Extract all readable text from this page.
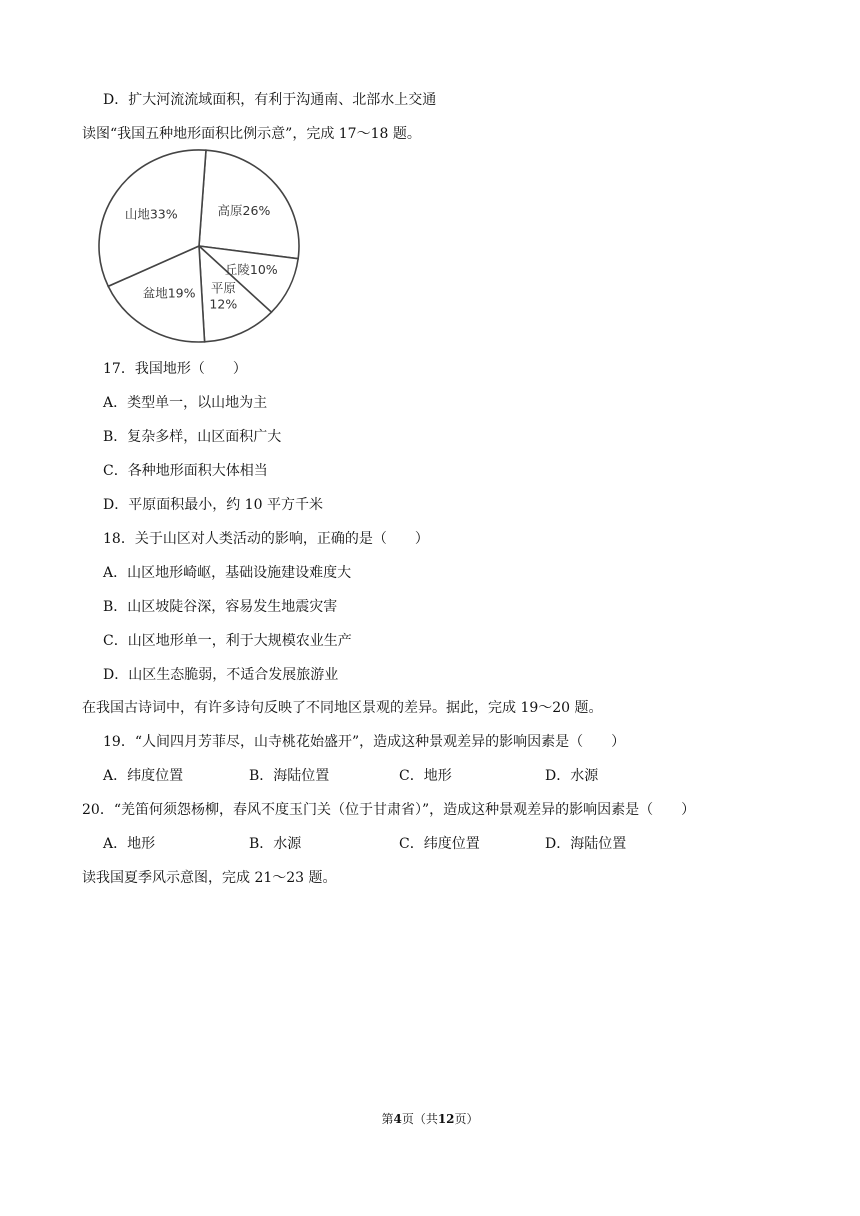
D．扩大河流流域面积，有利于沟通南、北部水上交通
读图“我国五种地形面积比例示意”，完成 17～18 题。
高原26%
丘陵10%
平原
12%
盆地19%
山地33%
17．我国地形（　　）
A．类型单一，以山地为主
B．复杂多样，山区面积广大
C．各种地形面积大体相当
D．平原面积最小，约 10 平方千米
18．关于山区对人类活动的影响，正确的是（　　）
A．山区地形崎岖，基础设施建设难度大
B．山区坡陡谷深，容易发生地震灾害
C．山区地形单一，利于大规模农业生产
D．山区生态脆弱，不适合发展旅游业
在我国古诗词中，有许多诗句反映了不同地区景观的差异。据此，完成 19～20 题。
19．“人间四月芳菲尽，山寺桃花始盛开”，造成这种景观差异的影响因素是（　　）
A．纬度位置	B．海陆位置	C．地形	D．水源
20．“羌笛何须怨杨柳，春风不度玉门关（位于甘肃省）”，造成这种景观差异的影响因素是（　　）
A．地形	B．水源	C．纬度位置	D．海陆位置
读我国夏季风示意图，完成 21～23 题。
第4页（共12页）
